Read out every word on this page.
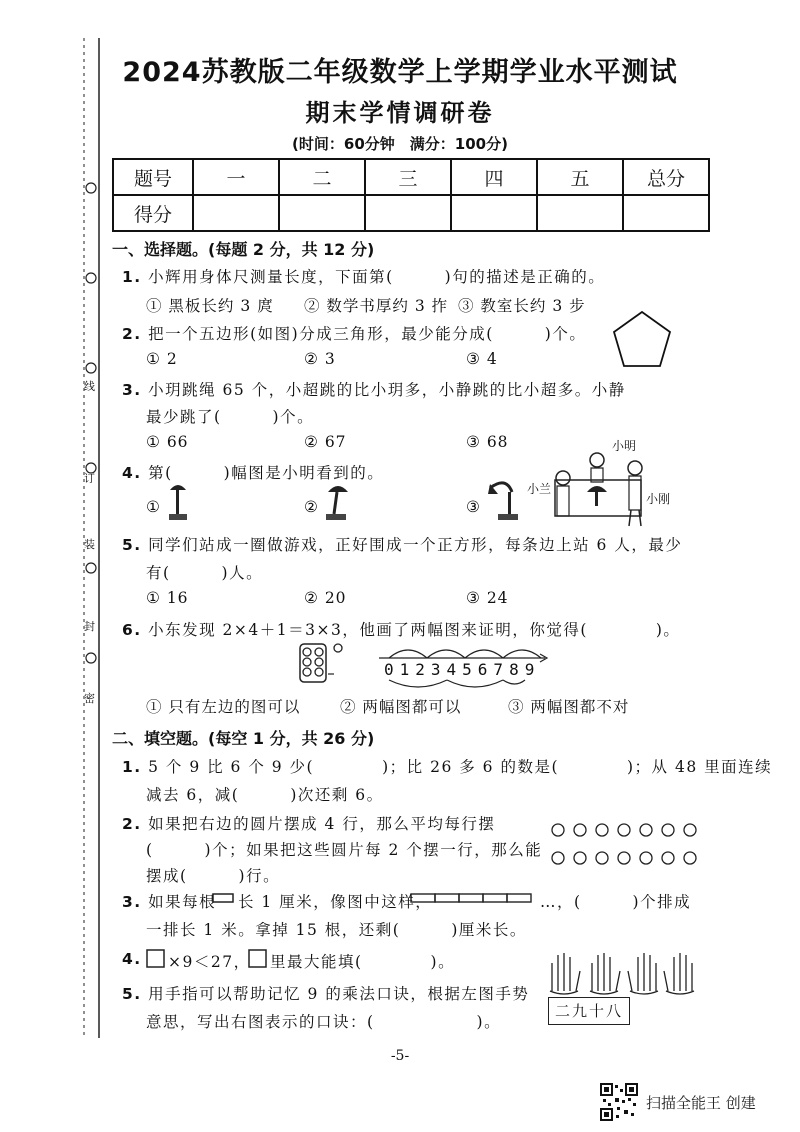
线
订
装
封
密
2024苏教版二年级数学上学期学业水平测试
期末学情调研卷
(时间：60分钟　满分：100分)
题号	一	二	三	四	五	总分
得分						
一、选择题。(每题 2 分，共 12 分)
1. 小辉用身体尺测量长度，下面第(　　　)句的描述是正确的。
① 黑板长约 3 庹 ② 数学书厚约 3 拃 ③ 教室长约 3 步
2. 把一个五边形(如图)分成三角形，最少能分成(　　　)个。
① 2	② 3	③ 4
3. 小玥跳绳 65 个，小超跳的比小玥多，小静跳的比小超多。小静
最少跳了(　　　)个。
① 66	② 67	③ 68
4. 第(　　　)幅图是小明看到的。
①	②	③
小明
小兰
小刚
5. 同学们站成一圈做游戏，正好围成一个正方形，每条边上站 6 人，最少
有(　　　)人。
① 16	② 20	③ 24
6. 小东发现 2×4＋1＝3×3，他画了两幅图来证明，你觉得(　　　　)。
0123456789
① 只有左边的图可以	② 两幅图都可以	③ 两幅图都不对
二、填空题。(每空 1 分，共 26 分)
1. 5 个 9 比 6 个 9 少(　　　　)；比 26 多 6 的数是(　　　　)；从 48 里面连续
减去 6，减(　　　)次还剩 6。
2. 如果把右边的圆片摆成 4 行，那么平均每行摆
(　　　)个；如果把这些圆片每 2 个摆一行，那么能
摆成(　　　)行。
3. 如果每根 长 1 厘米，像图中这样，	…，(　　　)个排成
一排长 1 米。拿掉 15 根，还剩(　　　)厘米长。
4. ×9＜27， 里最大能填(　　　　)。
5. 用手指可以帮助记忆 9 的乘法口诀，根据左图手势
意思，写出右图表示的口诀：(　　　　　　)。
二九十八
-5-
扫描全能王 创建
